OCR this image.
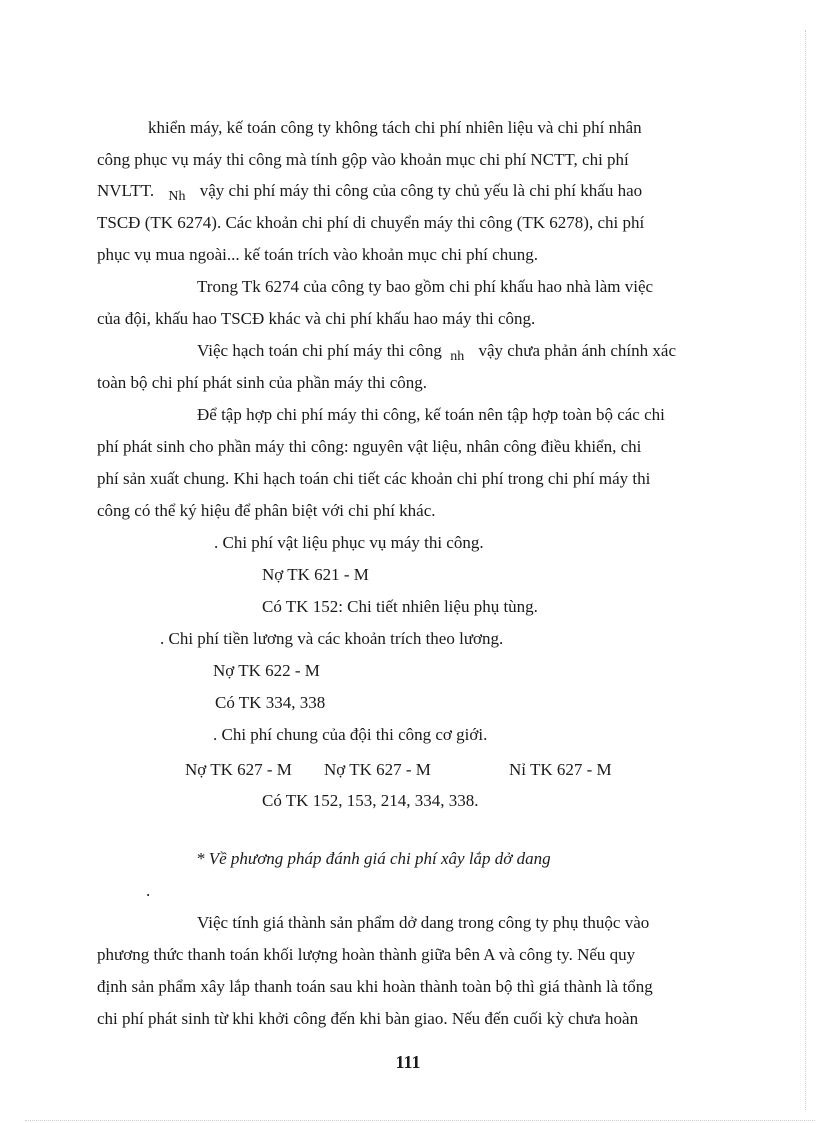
khiển máy, kế toán công ty không tách chi phí nhiên liệu và chi phí nhân
công phục vụ máy thi công mà tính gộp vào khoản mục chi phí NCTT, chi phí
NVLTT. $_{Nh}$ vậy chi phí máy thi công của công ty chủ yếu là chi phí khấu hao
TSCĐ (TK 6274). Các khoản chi phí di chuyển máy thi công (TK 6278), chi phí
phục vụ mua ngoài... kế toán trích vào khoản mục chi phí chung.
Trong Tk 6274 của công ty bao gồm chi phí khấu hao nhà làm việc
của đội, khấu hao TSCĐ khác và chi phí khấu hao máy thi công.
Việc hạch toán chi phí máy thi công $_{nh}$ vậy chưa phản ánh chính xác
toàn bộ chi phí phát sinh của phần máy thi công.
Để tập hợp chi phí máy thi công, kế toán nên tập hợp toàn bộ các chi
phí phát sinh cho phần máy thi công: nguyên vật liệu, nhân công điều khiển, chi
phí sản xuất chung. Khi hạch toán chi tiết các khoản chi phí trong chi phí máy thi
công có thể ký hiệu để phân biệt với chi phí khác.
. Chi phí vật liệu phục vụ máy thi công.
Nợ TK 621 - M
Có TK 152: Chi tiết nhiên liệu phụ tùng.
. Chi phí tiền lương và các khoản trích theo lương.
Nợ TK 622 - M
Có TK 334, 338
. Chi phí chung của đội thi công cơ giới.
Nợ TK 627 - M Nợ TK 627 - M	Nỉ TK 627 - M
Có TK 152, 153, 214, 334, 338.
* Về phương pháp đánh giá chi phí xây lắp dở dang
.
Việc tính giá thành sản phẩm dở dang trong công ty phụ thuộc vào
phương thức thanh toán khối lượng hoàn thành giữa bên A và công ty. Nếu quy
định sản phẩm xây lắp thanh toán sau khi hoàn thành toàn bộ thì giá thành là tổng
chi phí phát sinh từ khi khởi công đến khi bàn giao. Nếu đến cuối kỳ chưa hoàn
111
